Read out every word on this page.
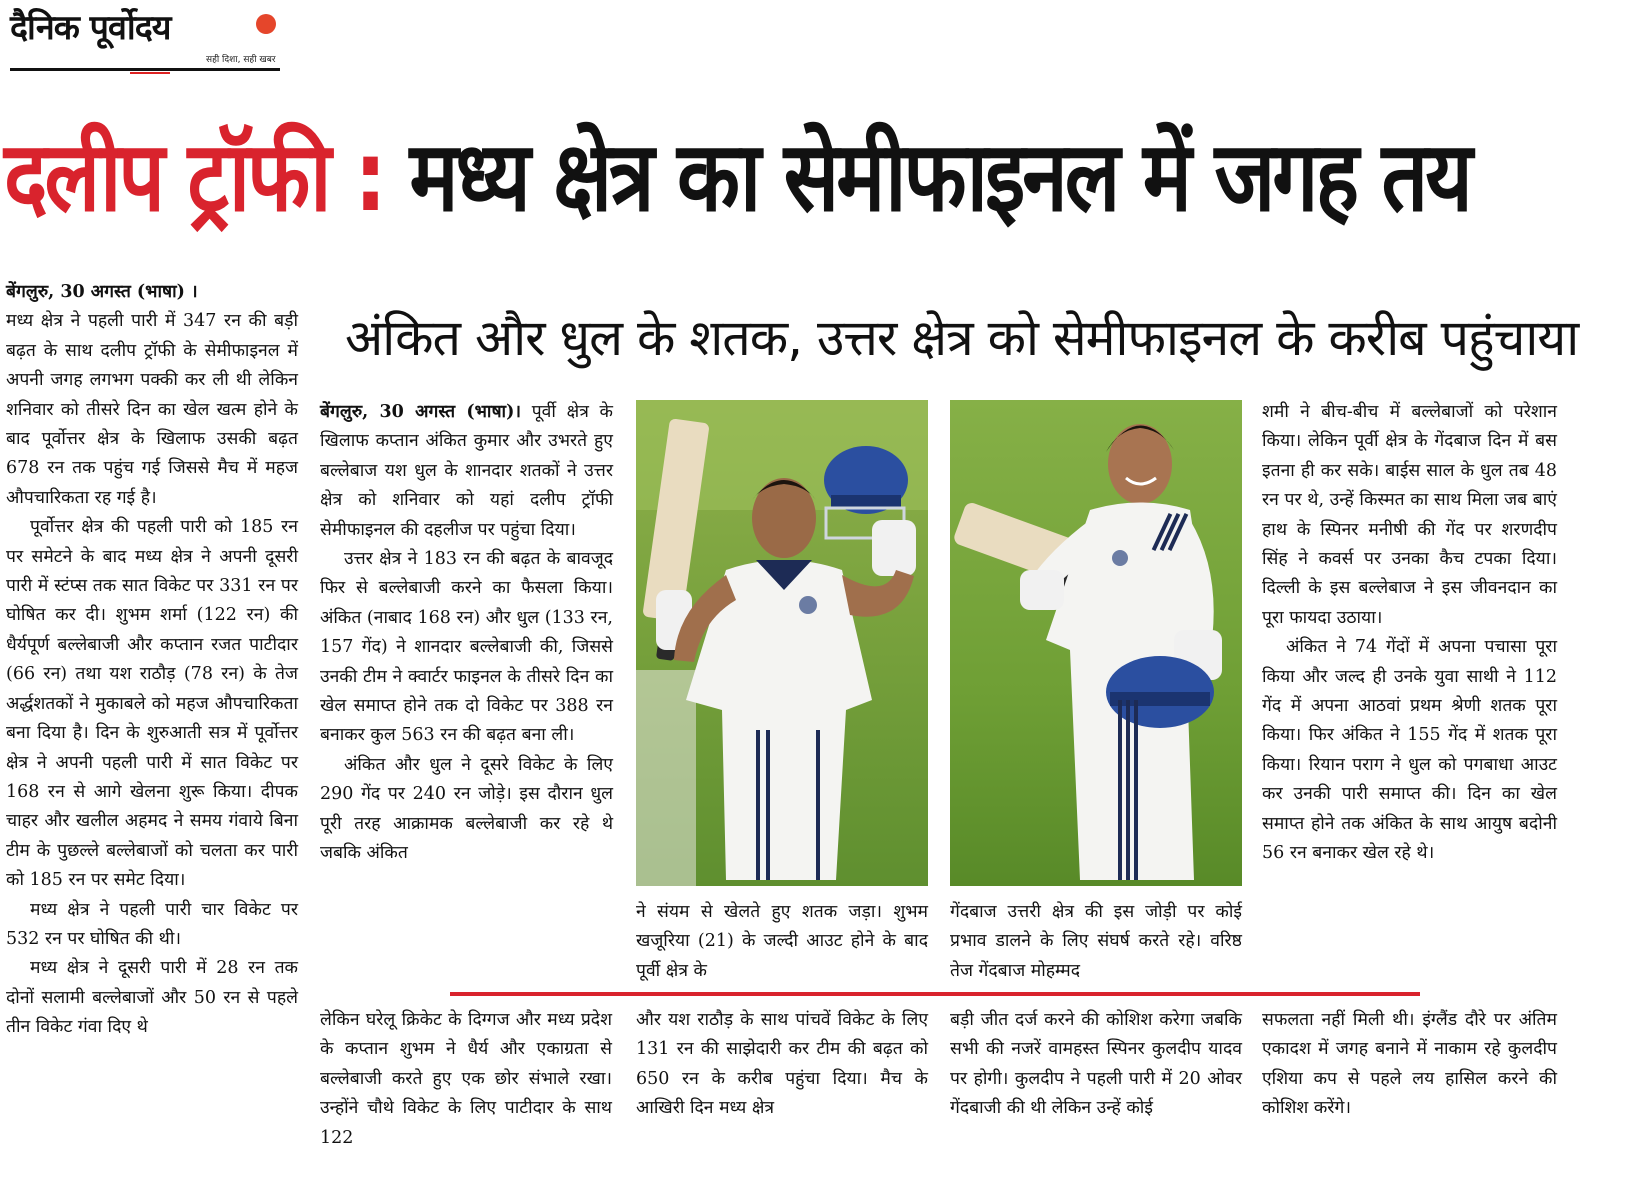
दैनिक पूर्वोदय
सही दिशा, सही खबर
दलीप ट्रॉफी : मध्य क्षेत्र का सेमीफाइनल में जगह तय

बेंगलुरु, 30 अगस्त (भाषा) ।
मध्य क्षेत्र ने पहली पारी में 347 रन की बड़ी बढ़त के साथ दलीप ट्रॉफी के सेमीफाइनल में अपनी जगह लगभग पक्की कर ली थी लेकिन शनिवार को तीसरे दिन का खेल खत्म होने के बाद पूर्वोत्तर क्षेत्र के खिलाफ उसकी बढ़त 678 रन तक पहुंच गई जिससे मैच में महज औपचारिकता रह गई है।

पूर्वोत्तर क्षेत्र की पहली पारी को 185 रन पर समेटने के बाद मध्य क्षेत्र ने अपनी दूसरी पारी में स्टंप्स तक सात विकेट पर 331 रन पर घोषित कर दी। शुभम शर्मा (122 रन) की धैर्यपूर्ण बल्लेबाजी और कप्तान रजत पाटीदार (66 रन) तथा यश राठौड़ (78 रन) के तेज अर्द्धशतकों ने मुकाबले को महज औपचारिकता बना दिया है। दिन के शुरुआती सत्र में पूर्वोत्तर क्षेत्र ने अपनी पहली पारी में सात विकेट पर 168 रन से आगे खेलना शुरू किया। दीपक चाहर और खलील अहमद ने समय गंवाये बिना टीम के पुछल्ले बल्लेबाजों को चलता कर पारी को 185 रन पर समेट दिया।

मध्य क्षेत्र ने पहली पारी चार विकेट पर 532 रन पर घोषित की थी।

मध्य क्षेत्र ने दूसरी पारी में 28 रन तक दोनों सलामी बल्लेबाजों और 50 रन से पहले तीन विकेट गंवा दिए थे

अंकित और धुल के शतक, उत्तर क्षेत्र को सेमीफाइनल के करीब पहुंचाया

बेंगलुरु, 30 अगस्त (भाषा)। पूर्वी क्षेत्र के खिलाफ कप्तान अंकित कुमार और उभरते हुए बल्लेबाज यश धुल के शानदार शतकों ने उत्तर क्षेत्र को शनिवार को यहां दलीप ट्रॉफी सेमीफाइनल की दहलीज पर पहुंचा दिया।

उत्तर क्षेत्र ने 183 रन की बढ़त के बावजूद फिर से बल्लेबाजी करने का फैसला किया। अंकित (नाबाद 168 रन) और धुल (133 रन, 157 गेंद) ने शानदार बल्लेबाजी की, जिससे उनकी टीम ने क्वार्टर फाइनल के तीसरे दिन का खेल समाप्त होने तक दो विकेट पर 388 रन बनाकर कुल 563 रन की बढ़त बना ली।

अंकित और धुल ने दूसरे विकेट के लिए 290 गेंद पर 240 रन जोड़े। इस दौरान धुल पूरी तरह आक्रामक बल्लेबाजी कर रहे थे जबकि अंकित

ने संयम से खेलते हुए शतक जड़ा। शुभम खजूरिया (21) के जल्दी आउट होने के बाद पूर्वी क्षेत्र के
गेंदबाज उत्तरी क्षेत्र की इस जोड़ी पर कोई प्रभाव डालने के लिए संघर्ष करते रहे। वरिष्ठ तेज गेंदबाज मोहम्मद

शमी ने बीच-बीच में बल्लेबाजों को परेशान किया। लेकिन पूर्वी क्षेत्र के गेंदबाज दिन में बस इतना ही कर सके। बाईस साल के धुल तब 48 रन पर थे, उन्हें किस्मत का साथ मिला जब बाएं हाथ के स्पिनर मनीषी की गेंद पर शरणदीप सिंह ने कवर्स पर उनका कैच टपका दिया। दिल्ली के इस बल्लेबाज ने इस जीवनदान का पूरा फायदा उठाया।

अंकित ने 74 गेंदों में अपना पचासा पूरा किया और जल्द ही उनके युवा साथी ने 112 गेंद में अपना आठवां प्रथम श्रेणी शतक पूरा किया। फिर अंकित ने 155 गेंद में शतक पूरा किया। रियान पराग ने धुल को पगबाधा आउट कर उनकी पारी समाप्त की। दिन का खेल समाप्त होने तक अंकित के साथ आयुष बदोनी 56 रन बनाकर खेल रहे थे।

लेकिन घरेलू क्रिकेट के दिग्गज और मध्य प्रदेश के कप्तान शुभम ने धैर्य और एकाग्रता से बल्लेबाजी करते हुए एक छोर संभाले रखा। उन्होंने चौथे विकेट के लिए पाटीदार के साथ 122
और यश राठौड़ के साथ पांचवें विकेट के लिए 131 रन की साझेदारी कर टीम की बढ़त को 650 रन के करीब पहुंचा दिया। मैच के आखिरी दिन मध्य क्षेत्र
बड़ी जीत दर्ज करने की कोशिश करेगा जबकि सभी की नजरें वामहस्त स्पिनर कुलदीप यादव पर होगी। कुलदीप ने पहली पारी में 20 ओवर गेंदबाजी की थी लेकिन उन्हें कोई
सफलता नहीं मिली थी। इंग्लैंड दौरे पर अंतिम एकादश में जगह बनाने में नाकाम रहे कुलदीप एशिया कप से पहले लय हासिल करने की कोशिश करेंगे।
